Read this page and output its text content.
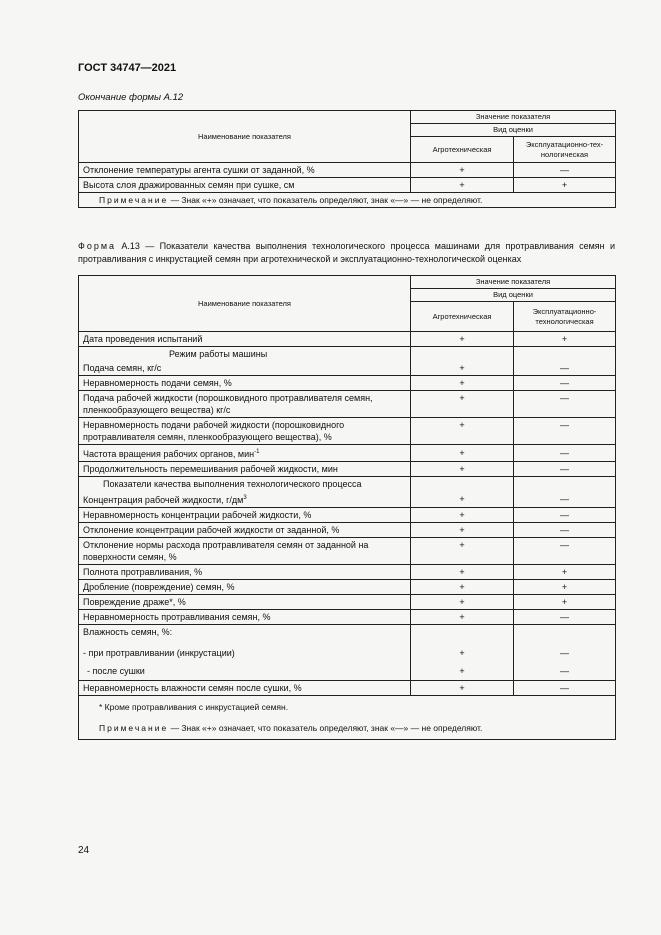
ГОСТ 34747—2021
Окончание формы А.12
Наименование показателя	Значение показателя	
	Вид оценки	
	Агротехническая	Эксплуатационно-тех-нологическая
Отклонение температуры агента сушки от заданной, %	+	—
Высота слоя дражированных семян при сушке, см	+	+
Примечание — Знак «+» означает, что показатель определяют, знак «—» — не определяют.		
Форма А.13 — Показатели качества выполнения технологического процесса машинами для протравливания семян и протравливания с инкрустацией семян при агротехнической и эксплуатационно-технологической оценках
Наименование показателя	Значение показателя	
	Вид оценки	
	Агротехническая	Эксплуатационно-технологическая
Дата проведения испытаний	+	+
Режим работы машины		
Подача семян, кг/с	+	—
Неравномерность подачи семян, %	+	—
Подача рабочей жидкости (порошковидного протравливателя семян, пленкообразующего вещества) кг/с	+	—
Неравномерность подачи рабочей жидкости (порошковидного протравливателя семян, пленкообразующего вещества), %	+	—
Частота вращения рабочих органов, мин$^{-1}$	+	—
Продолжительность перемешивания рабочей жидкости, мин	+	—
Показатели качества выполнения технологического процесса		
Концентрация рабочей жидкости, $г/дм^3$	+	—
Неравномерность концентрации рабочей жидкости, %	+	—
Отклонение концентрации рабочей жидкости от заданной, %	+	—
Отклонение нормы расхода протравливателя семян от заданной на поверхности семян, %	+	—
Полнота протравливания, %	+	+
Дробление (повреждение) семян, %	+	+
Повреждение драже*, %	+	+
Неравномерность протравливания семян, %	+	—
Влажность семян, %:		
- при протравливании (инкрустации)	+	—
- после сушки	+	—
Неравномерность влажности семян после сушки, %	+	—
* Кроме протравливания с инкрустацией семян.		
Примечание — Знак «+» означает, что показатель определяют, знак «—» — не определяют.		
24
